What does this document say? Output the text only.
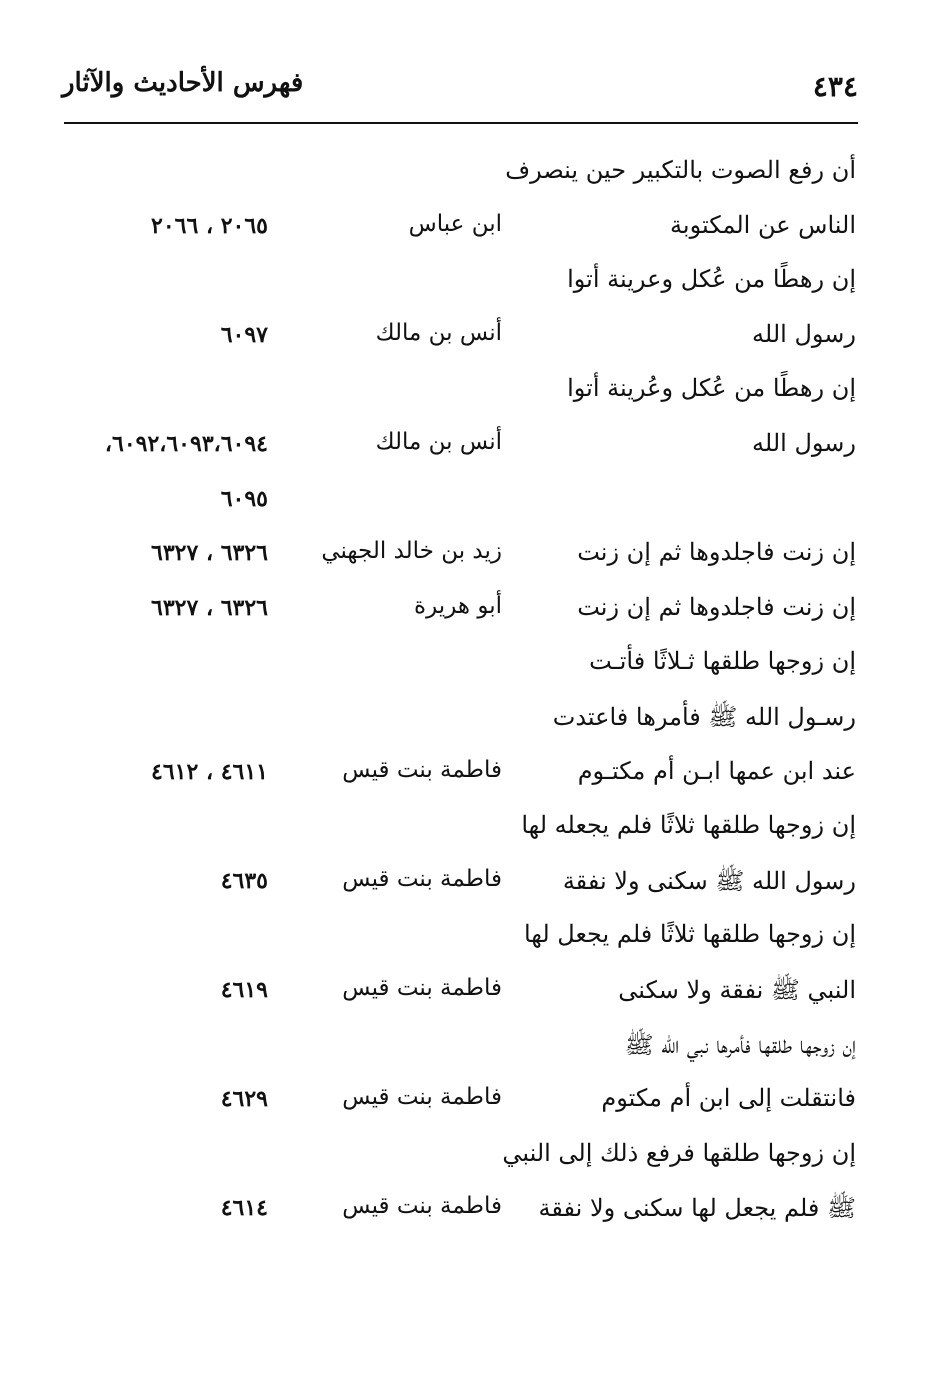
فهرس الأحاديث والآثار	٤٣٤
أن رفع الصوت بالتكبير حين ينصرف
الناس عن المكتوبة
ابن عباس
٢٠٦٥ ، ٢٠٦٦
إن رهطًا من عُكل وعرينة أتوا
رسول الله
أنس بن مالك
٦٠٩٧
إن رهطًا من عُكل وعُرينة أتوا
رسول الله
أنس بن مالك
٦٠٩٢،٦٠٩٣،٦٠٩٤،
٦٠٩٥
إن زنت فاجلدوها ثم إن زنت
زيد بن خالد الجهني
٦٣٢٦ ، ٦٣٢٧
إن زنت فاجلدوها ثم إن زنت
أبو هريرة
٦٣٢٦ ، ٦٣٢٧
إن زوجها طلقها ثـلاثًا فأتـت
رسـول الله ﷺ فأمرها فاعتدت
عند ابن عمها ابـن أم مكتـوم
فاطمة بنت قيس
٤٦١١ ، ٤٦١٢
إن زوجها طلقها ثلاثًا فلم يجعله لها
رسول الله ﷺ سكنى ولا نفقة
فاطمة بنت قيس
٤٦٣٥
إن زوجها طلقها ثلاثًا فلم يجعل لها
النبي ﷺ نفقة ولا سكنى
فاطمة بنت قيس
٤٦١٩
إن زوجها طلقها فأمرها نبي الله ﷺ
فانتقلت إلى ابن أم مكتوم
فاطمة بنت قيس
٤٦٢٩
إن زوجها طلقها فرفع ذلك إلى النبي
ﷺ فلم يجعل لها سكنى ولا نفقة
فاطمة بنت قيس
٤٦١٤
